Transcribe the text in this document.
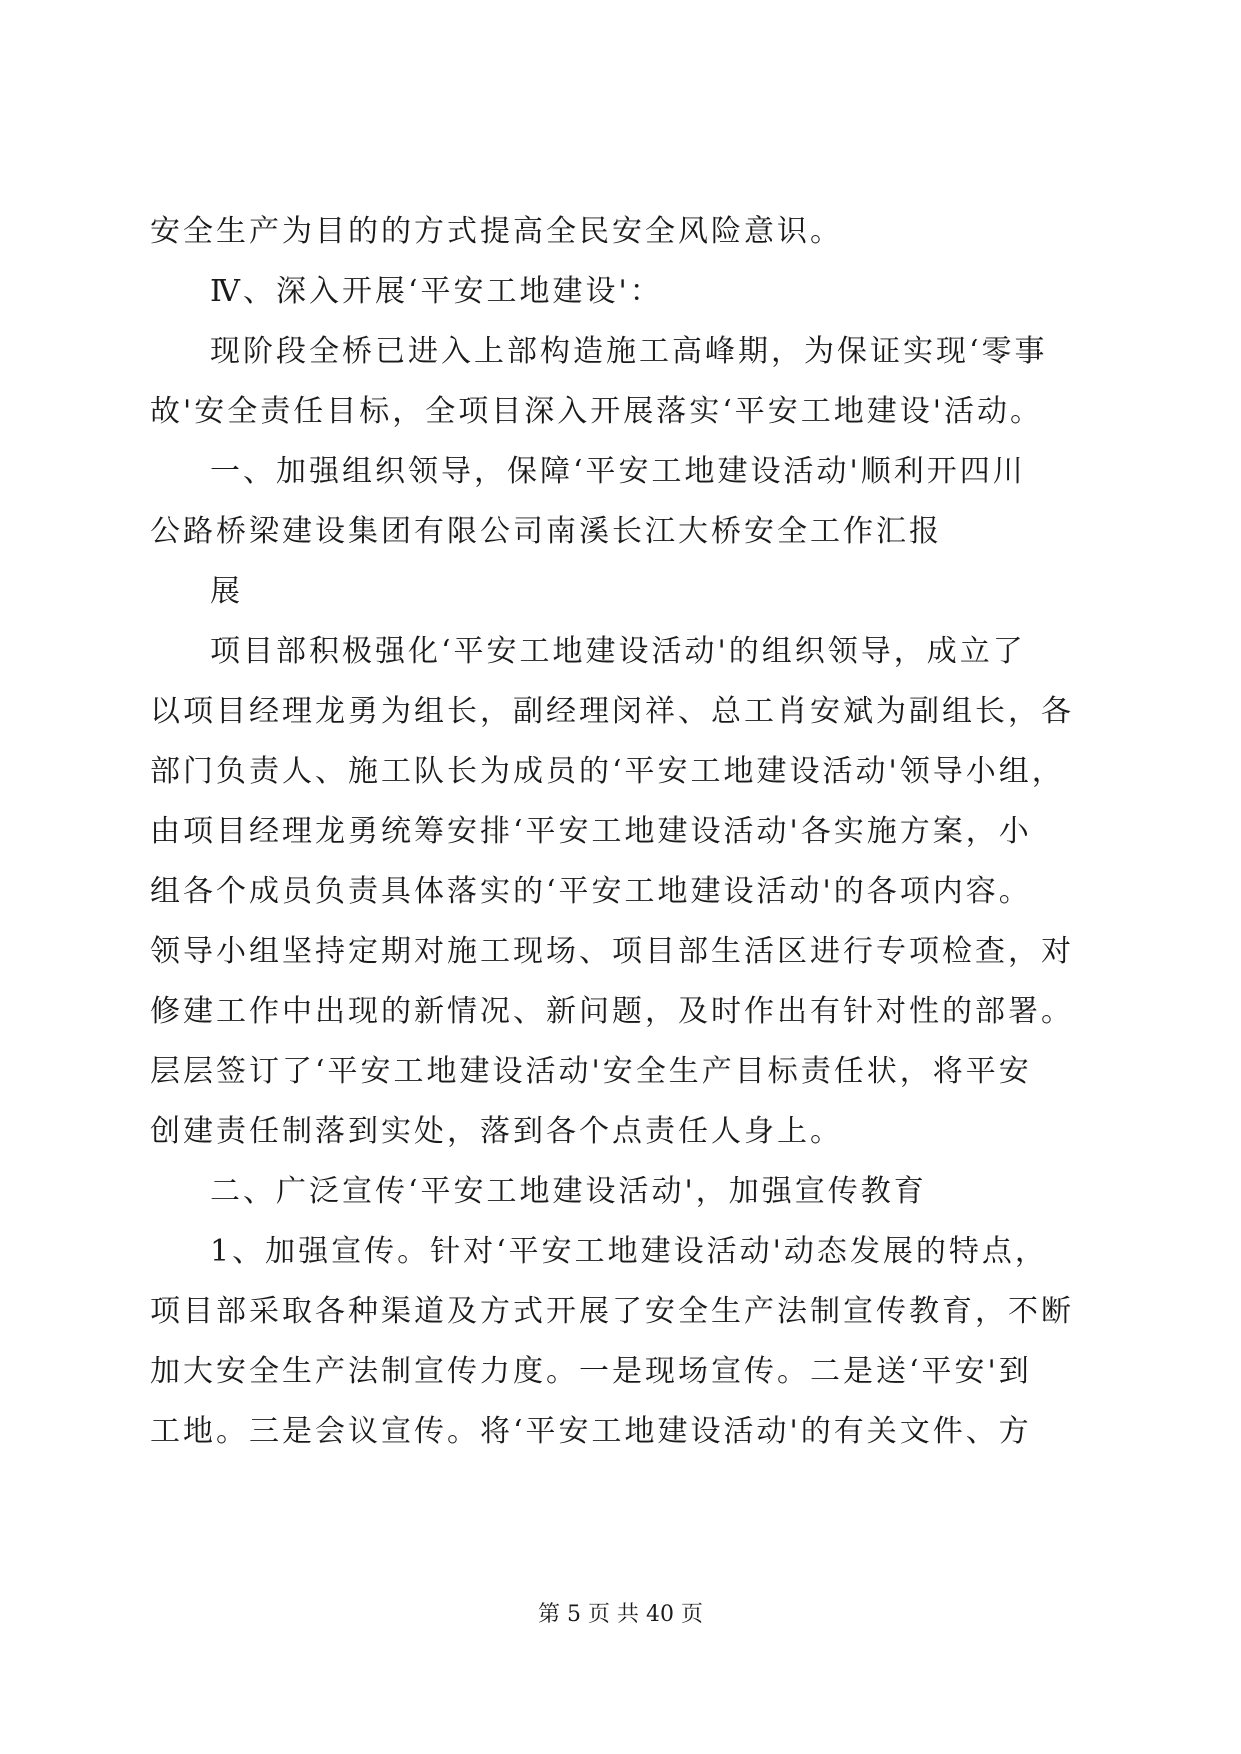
安全生产为目的的方式提高全民安全风险意识。
Ⅳ、深入开展‘平安工地建设'：
现阶段全桥已进入上部构造施工高峰期，为保证实现‘零事
故'安全责任目标，全项目深入开展落实‘平安工地建设'活动。
一、加强组织领导，保障‘平安工地建设活动'顺利开四川
公路桥梁建设集团有限公司南溪长江大桥安全工作汇报
展
项目部积极强化‘平安工地建设活动'的组织领导，成立了
以项目经理龙勇为组长，副经理闵祥、总工肖安斌为副组长，各
部门负责人、施工队长为成员的‘平安工地建设活动'领导小组，
由项目经理龙勇统筹安排‘平安工地建设活动'各实施方案，小
组各个成员负责具体落实的‘平安工地建设活动'的各项内容。
领导小组坚持定期对施工现场、项目部生活区进行专项检查，对
修建工作中出现的新情况、新问题，及时作出有针对性的部署。
层层签订了‘平安工地建设活动'安全生产目标责任状，将平安
创建责任制落到实处，落到各个点责任人身上。
二、广泛宣传‘平安工地建设活动'，加强宣传教育
1、加强宣传。针对‘平安工地建设活动'动态发展的特点，
项目部采取各种渠道及方式开展了安全生产法制宣传教育，不断
加大安全生产法制宣传力度。一是现场宣传。二是送‘平安'到
工地。三是会议宣传。将‘平安工地建设活动'的有关文件、方
第 5 页 共 40 页
